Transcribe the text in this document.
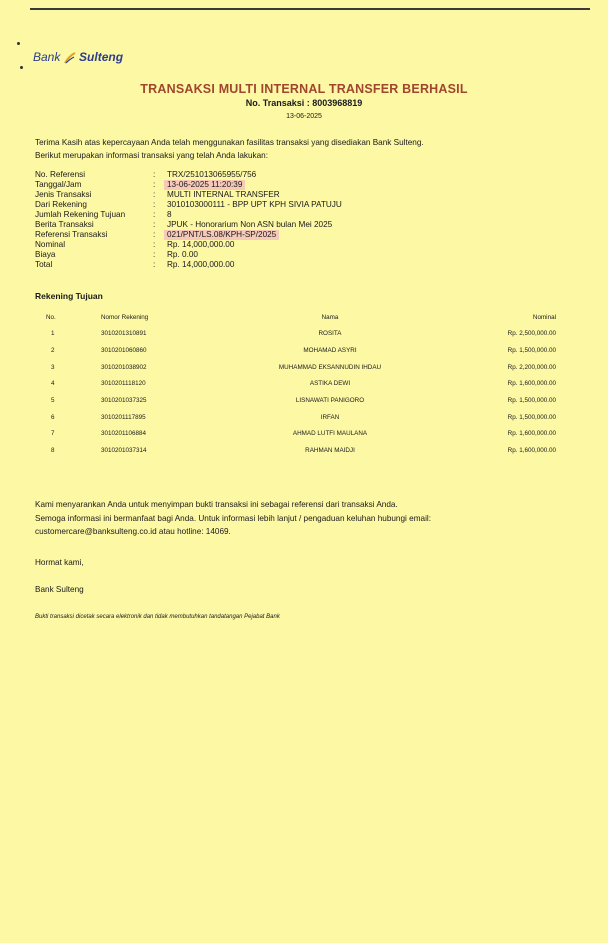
Bank Sulteng
TRANSAKSI MULTI INTERNAL TRANSFER BERHASIL
No. Transaksi : 8003968819
13-06-2025
Terima Kasih atas kepercayaan Anda telah menggunakan fasilitas transaksi yang disediakan Bank Sulteng.
Berikut merupakan informasi transaksi yang telah Anda lakukan:
No. Referensi	: TRX/251013065955/756
Tanggal/Jam	:	13-06-2025 11:20:39
Jenis Transaksi	: MULTI INTERNAL TRANSFER
Dari Rekening	: 3010103000111 - BPP UPT KPH SIVIA PATUJU
Jumlah Rekening Tujuan	: 8
Berita Transaksi	: JPUK - Honorarium Non ASN bulan Mei 2025
Referensi Transaksi	:	021/PNT/LS.08/KPH-SP/2025
Nominal	: Rp. 14,000,000.00
Biaya	: Rp. 0.00
Total	: Rp. 14,000,000.00
Rekening Tujuan
No.	Nomor Rekening	Nama	Nominal
1	3010201310891	ROSITA	Rp. 2,500,000.00
2	3010201060860	MOHAMAD ASYRI	Rp. 1,500,000.00
3	3010201038902	MUHAMMAD EKSANNUDIN IHDAU	Rp. 2,200,000.00
4	3010201118120	ASTIKA DEWI	Rp. 1,600,000.00
5	3010201037325	LISNAWATI PANIGORO	Rp. 1,500,000.00
6	3010201117895	IRFAN	Rp. 1,500,000.00
7	3010201106884	AHMAD LUTFI MAULANA	Rp. 1,600,000.00
8	3010201037314	RAHMAN MAIDJI	Rp. 1,600,000.00
Kami menyarankan Anda untuk menyimpan bukti transaksi ini sebagai referensi dari transaksi Anda.
Semoga informasi ini bermanfaat bagi Anda. Untuk informasi lebih lanjut / pengaduan keluhan hubungi email:
customercare@banksulteng.co.id atau hotline: 14069.
Hormat kami,
Bank Sulteng
Bukti transaksi dicetak secara elektronik dan tidak membutuhkan tandatangan Pejabat Bank
